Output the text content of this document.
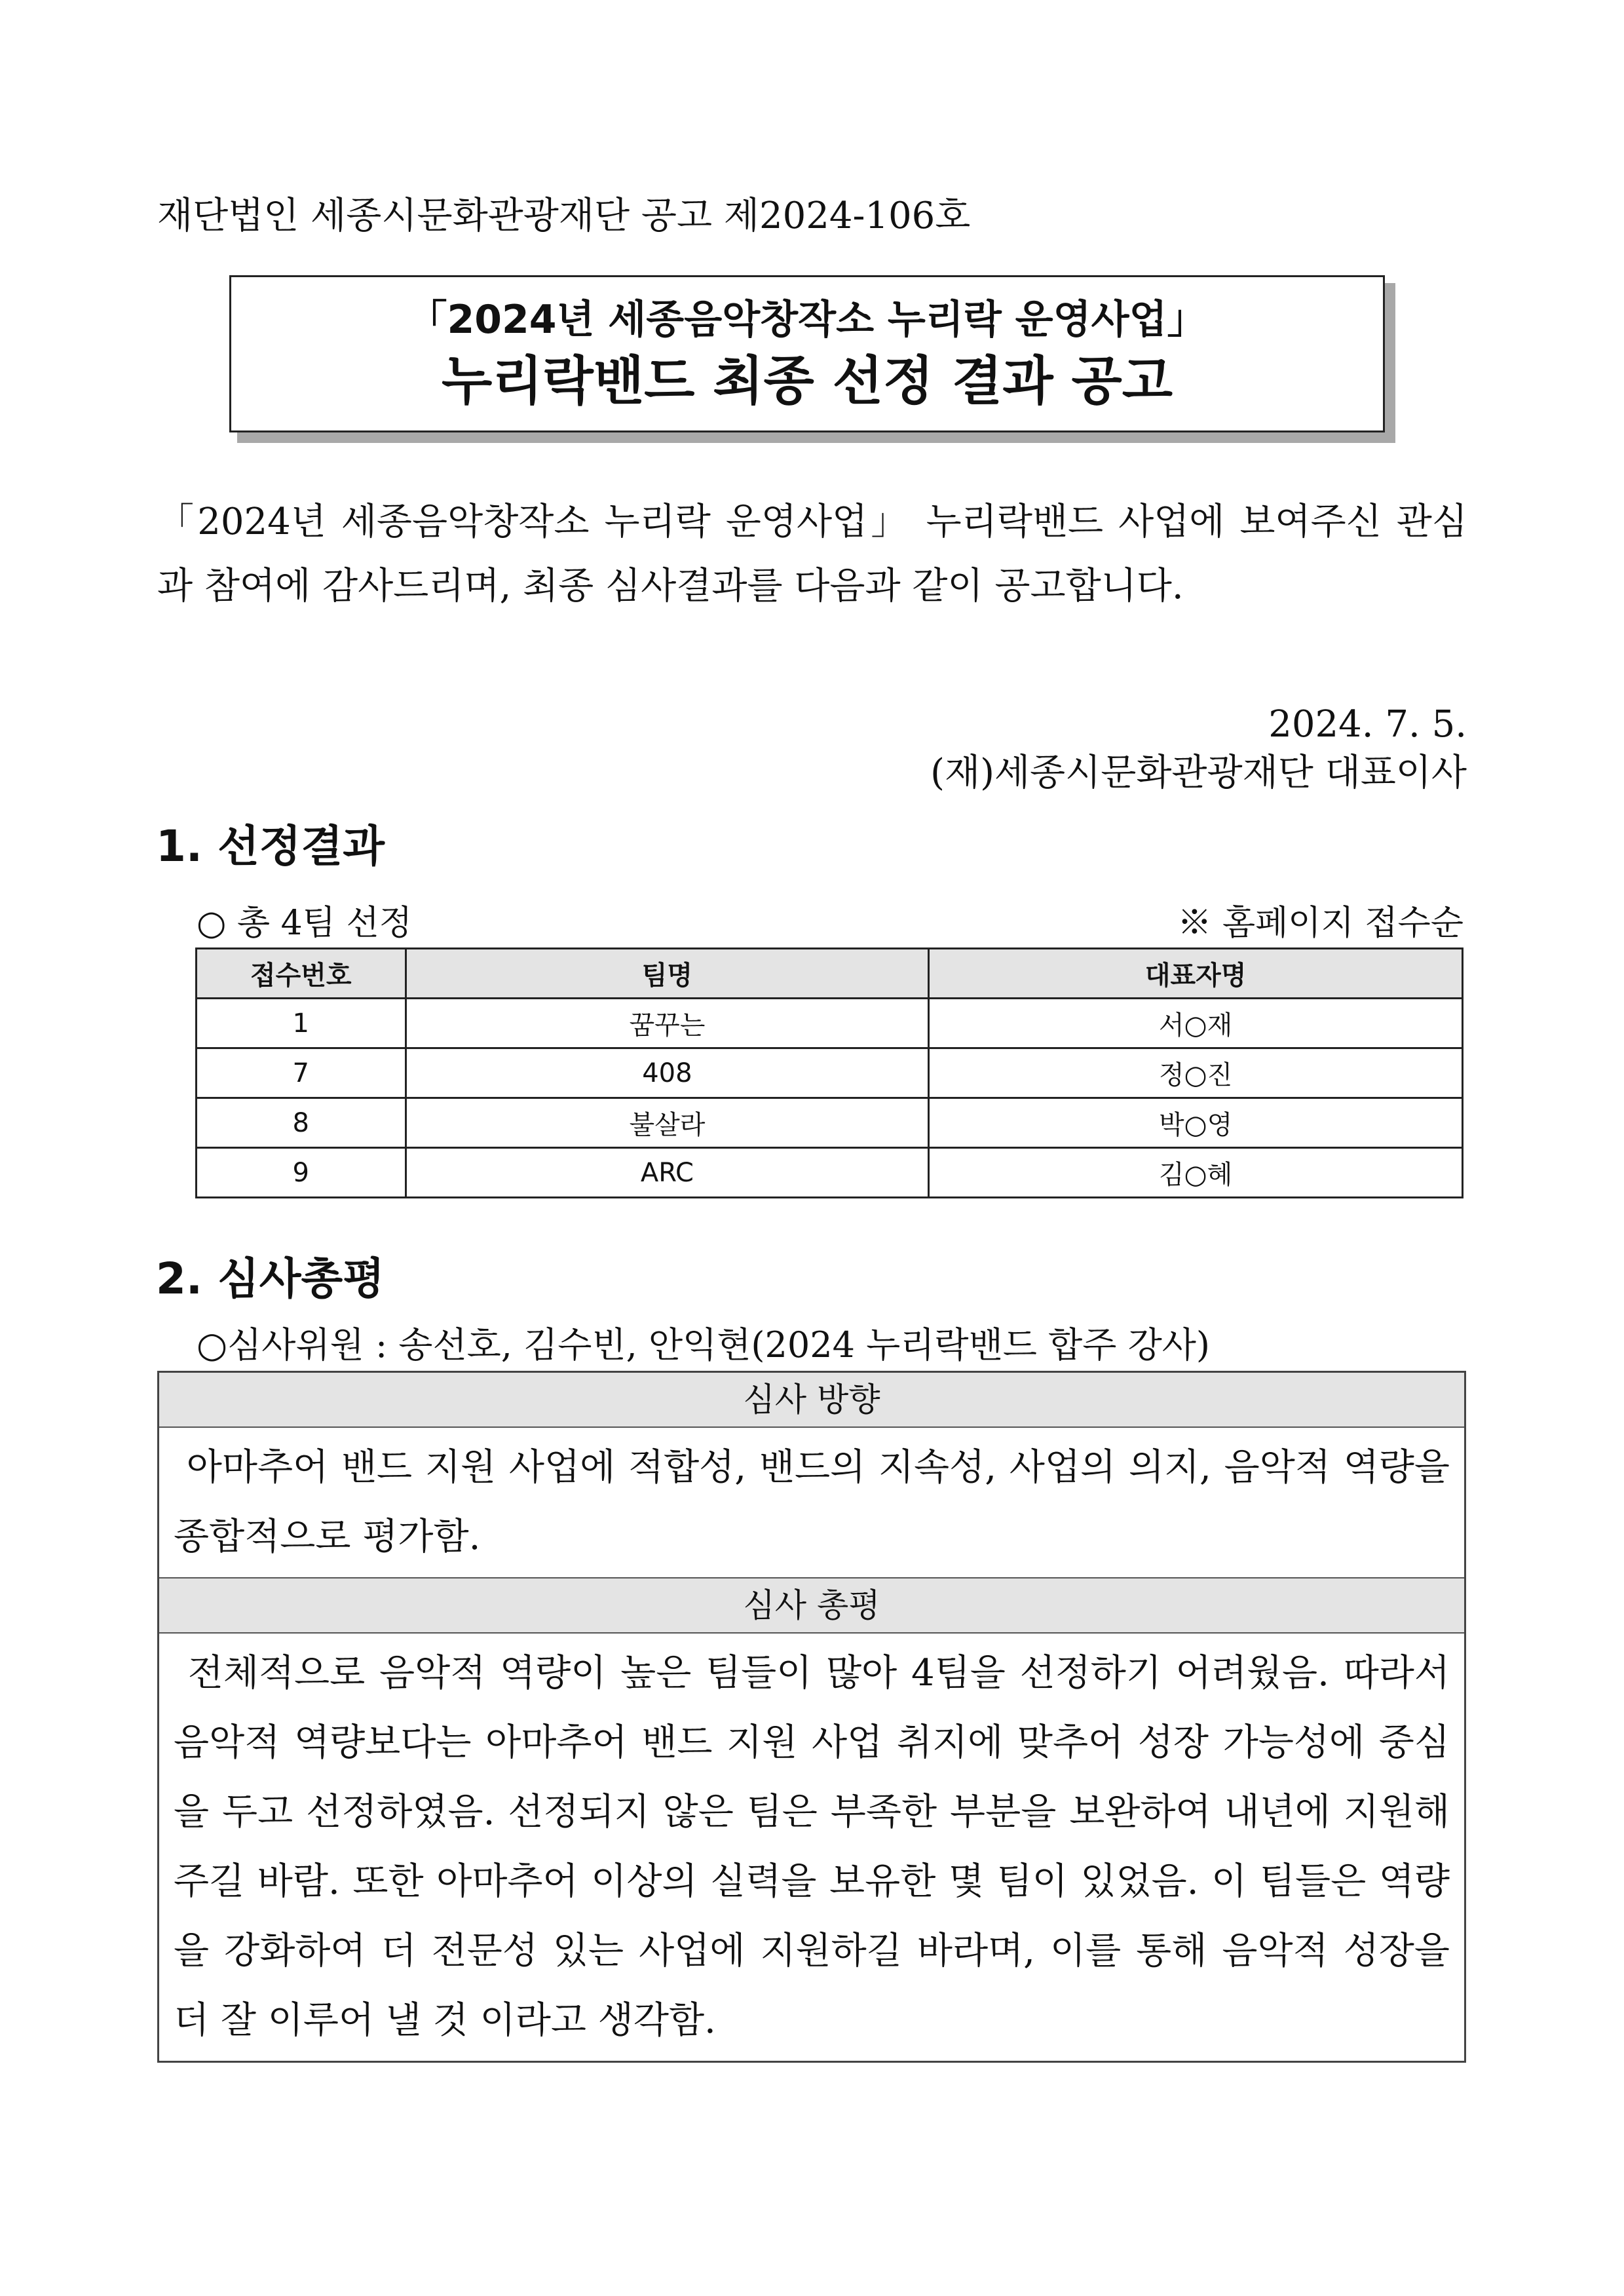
재단법인 세종시문화관광재단 공고 제2024-106호
「2024년 세종음악창작소 누리락 운영사업」
누리락밴드 최종 선정 결과 공고
「2024년 세종음악창작소 누리락 운영사업」 누리락밴드 사업에 보여주신 관심과 참여에 감사드리며, 최종 심사결과를 다음과 같이 공고합니다.
2024. 7. 5.
(재)세종시문화관광재단 대표이사
1. 선정결과
○ 총 4팀 선정	※ 홈페이지 접수순
접수번호	팀명	대표자명
1	꿈꾸는	서○재
7	408	정○진
8	불살라	박○영
9	ARC	김○혜
2. 심사총평
○심사위원 : 송선호, 김수빈, 안익현(2024 누리락밴드 합주 강사)
심사 방향
아마추어 밴드 지원 사업에 적합성, 밴드의 지속성, 사업의 의지, 음악적 역량을 종합적으로 평가함.
심사 총평
전체적으로 음악적 역량이 높은 팀들이 많아 4팀을 선정하기 어려웠음. 따라서 음악적 역량보다는 아마추어 밴드 지원 사업 취지에 맞추어 성장 가능성에 중심을 두고 선정하였음. 선정되지 않은 팀은 부족한 부분을 보완하여 내년에 지원해주길 바람. 또한 아마추어 이상의 실력을 보유한 몇 팀이 있었음. 이 팀들은 역량을 강화하여 더 전문성 있는 사업에 지원하길 바라며, 이를 통해 음악적 성장을 더 잘 이루어 낼 것 이라고 생각함.
